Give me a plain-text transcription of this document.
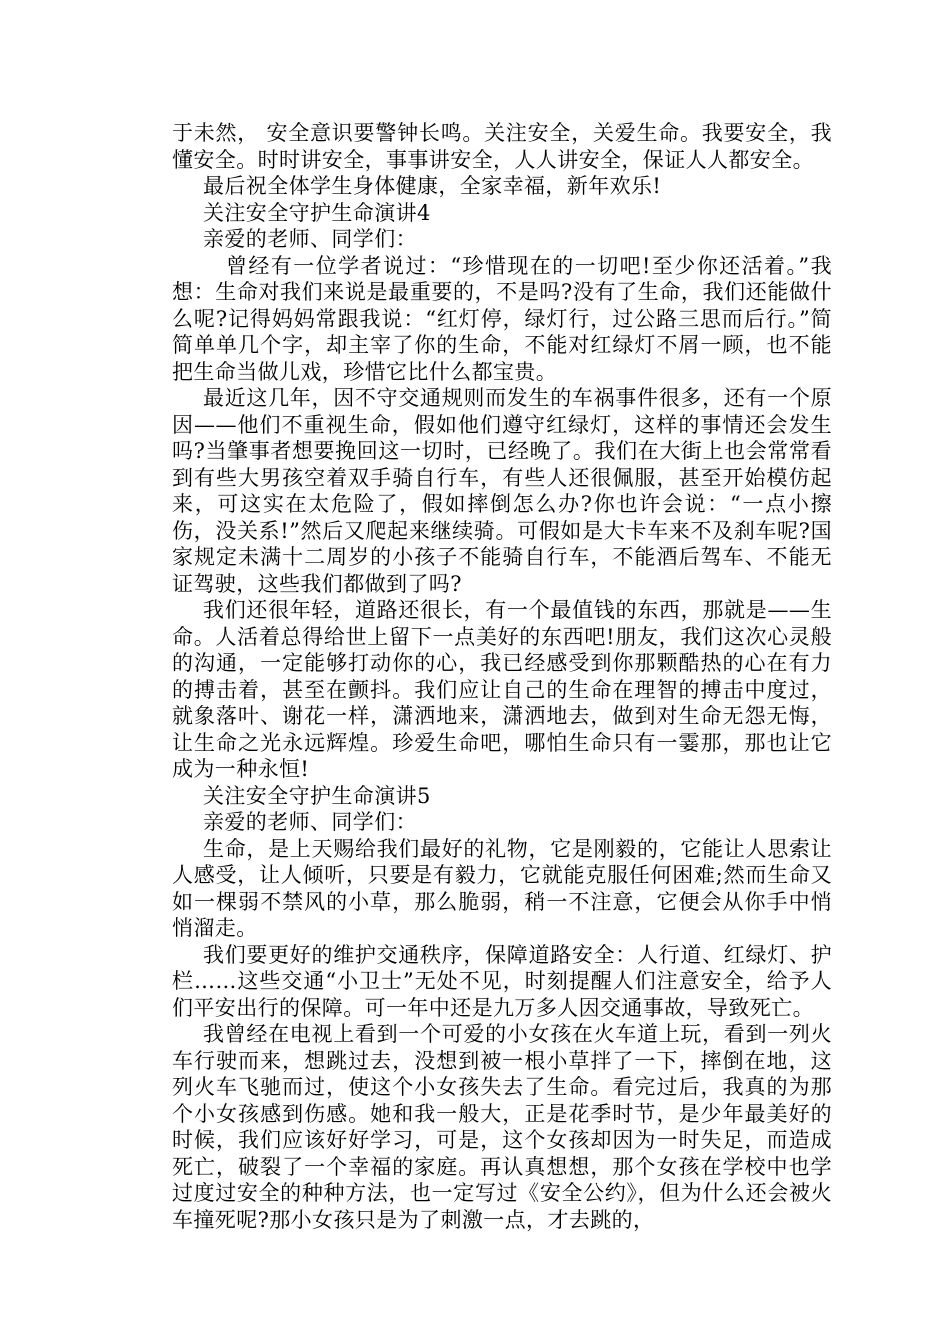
于未然， 安全意识要警钟长鸣。关注安全，关爱生命。我要安全，我懂安全。时时讲安全，事事讲安全，人人讲安全，保证人人都安全。

最后祝全体学生身体健康，全家幸福，新年欢乐!

关注安全守护生命演讲4

亲爱的老师、同学们：

曾经有一位学者说过：“珍惜现在的一切吧!至少你还活着。”我想：生命对我们来说是最重要的，不是吗?没有了生命，我们还能做什么呢?记得妈妈常跟我说：“红灯停，绿灯行，过公路三思而后行。”简简单单几个字，却主宰了你的生命，不能对红绿灯不屑一顾，也不能把生命当做儿戏，珍惜它比什么都宝贵。

最近这几年，因不守交通规则而发生的车祸事件很多，还有一个原因——他们不重视生命，假如他们遵守红绿灯，这样的事情还会发生吗?当肇事者想要挽回这一切时，已经晚了。我们在大街上也会常常看到有些大男孩空着双手骑自行车，有些人还很佩服，甚至开始模仿起来，可这实在太危险了，假如摔倒怎么办?你也许会说：“一点小擦伤，没关系!”然后又爬起来继续骑。可假如是大卡车来不及刹车呢?国家规定未满十二周岁的小孩子不能骑自行车，不能酒后驾车、不能无证驾驶，这些我们都做到了吗?

我们还很年轻，道路还很长，有一个最值钱的东西，那就是——生命。人活着总得给世上留下一点美好的东西吧!朋友，我们这次心灵般的沟通，一定能够打动你的心，我已经感受到你那颗酷热的心在有力的搏击着，甚至在颤抖。我们应让自己的生命在理智的搏击中度过，就象落叶、谢花一样，潇洒地来，潇洒地去，做到对生命无怨无悔，让生命之光永远辉煌。珍爱生命吧，哪怕生命只有一霎那，那也让它成为一种永恒!

关注安全守护生命演讲5

亲爱的老师、同学们：

生命，是上天赐给我们最好的礼物，它是刚毅的，它能让人思索让人感受，让人倾听，只要是有毅力，它就能克服任何困难;然而生命又如一棵弱不禁风的小草，那么脆弱，稍一不注意，它便会从你手中悄悄溜走。

我们要更好的维护交通秩序，保障道路安全：人行道、红绿灯、护栏……这些交通“小卫士”无处不见，时刻提醒人们注意安全，给予人们平安出行的保障。可一年中还是九万多人因交通事故，导致死亡。

我曾经在电视上看到一个可爱的小女孩在火车道上玩，看到一列火车行驶而来，想跳过去，没想到被一根小草拌了一下，摔倒在地，这列火车飞驰而过，使这个小女孩失去了生命。看完过后，我真的为那个小女孩感到伤感。她和我一般大，正是花季时节，是少年最美好的时候，我们应该好好学习，可是，这个女孩却因为一时失足，而造成死亡，破裂了一个幸福的家庭。再认真想想，那个女孩在学校中也学过度过安全的种种方法，也一定写过《安全公约》，但为什么还会被火车撞死呢?那小女孩只是为了刺激一点，才去跳的，
